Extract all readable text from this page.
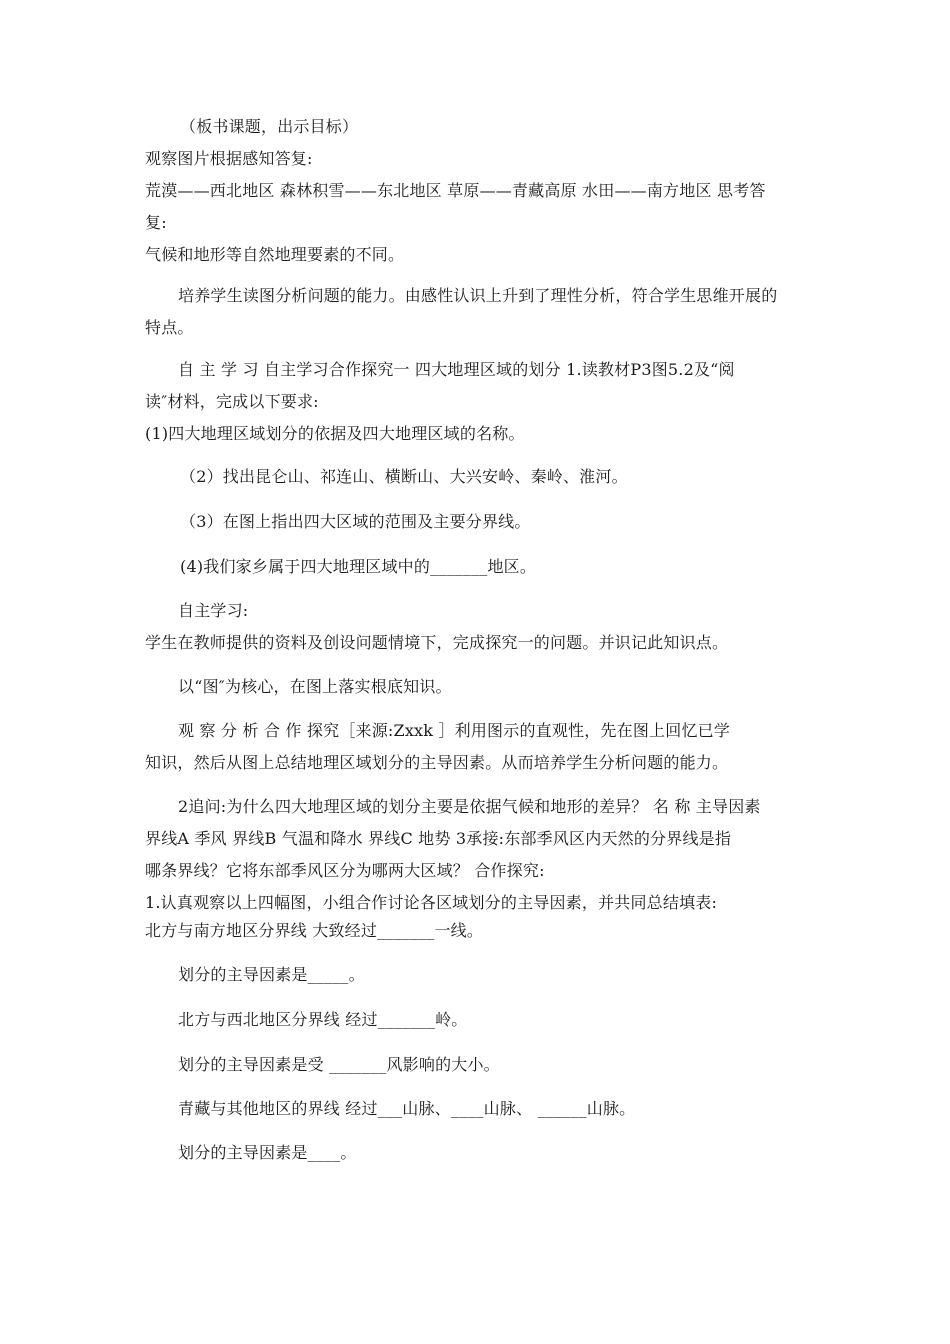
（板书课题，出示目标）
观察图片根据感知答复:
荒漠——西北地区 森林积雪——东北地区 草原——青藏高原 水田——南方地区 思考答
复:
气候和地形等自然地理要素的不同。
培养学生读图分析问题的能力。由感性认识上升到了理性分析，符合学生思维开展的
特点。
自 主 学 习 自主学习合作探究一 四大地理区域的划分 1.读教材P3图5.2及“阅
读″材料，完成以下要求:
(1)四大地理区域划分的依据及四大地理区域的名称。
（2）找出昆仑山、祁连山、横断山、大兴安岭、秦岭、淮河。
（3）在图上指出四大区域的范围及主要分界线。
(4)我们家乡属于四大地理区域中的_______地区。
自主学习:
学生在教师提供的资料及创设问题情境下，完成探究一的问题。并识记此知识点。
以“图″为核心，在图上落实根底知识。
观 察 分 析 合 作 探究［来源:Zxxk ］利用图示的直观性，先在图上回忆已学
知识，然后从图上总结地理区域划分的主导因素。从而培养学生分析问题的能力。
2追问:为什么四大地理区域的划分主要是依据气候和地形的差异？ 名 称 主导因素
界线A 季风 界线B 气温和降水 界线C 地势 3承接:东部季风区内天然的分界线是指
哪条界线？它将东部季风区分为哪两大区域？ 合作探究:
1.认真观察以上四幅图，小组合作讨论各区域划分的主导因素，并共同总结填表:
北方与南方地区分界线 大致经过_______一线。
划分的主导因素是_____。
北方与西北地区分界线 经过_______岭。
划分的主导因素是受 _______风影响的大小。
青藏与其他地区的界线 经过___山脉、____山脉、 ______山脉。
划分的主导因素是____。
